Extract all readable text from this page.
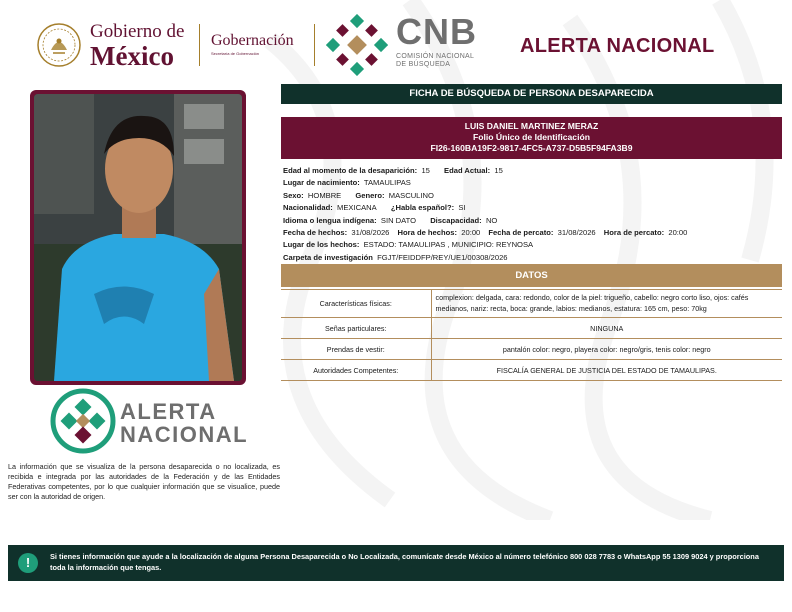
Gobierno de
México
Gobernación
Secretaría de Gobernación
CNB
COMISIÓN NACIONAL
DE BÚSQUEDA
ALERTA NACIONAL
ALERTA
NACIONAL
La información que se visualiza de la persona desaparecida o no localizada, es recibida e integrada por las autoridades de la Federación y de las Entidades Federativas competentes, por lo que cualquier información que se visualice, puede ser con la autoridad de origen.
FICHA DE BÚSQUEDA DE PERSONA DESAPARECIDA
LUIS DANIEL MARTINEZ MERAZ
Folio Único de Identificación
FI26-160BA19F2-9817-4FC5-A737-D5B5F94FA3B9
Edad al momento de la desaparición: 15 Edad Actual: 15
Lugar de nacimiento: TAMAULIPAS
Sexo: HOMBRE Genero: MASCULINO
Nacionalidad: MEXICANA ¿Habla español?: SI
Idioma o lengua indígena: SIN DATO Discapacidad: NO
Fecha de hechos: 31/08/2026 Hora de hechos: 20:00 Fecha de percato: 31/08/2026 Hora de percato: 20:00
Lugar de los hechos: ESTADO: TAMAULIPAS , MUNICIPIO: REYNOSA
Carpeta de investigación FGJT/FEIDDFP/REY/UE1/00308/2026
DATOS
Características físicas:	complexion: delgada, cara: redondo, color de la piel: trigueño, cabello: negro corto liso, ojos: cafés medianos, nariz: recta, boca: grande, labios: medianos, estatura: 165 cm, peso: 70kg
Señas particulares:	NINGUNA
Prendas de vestir:	pantalón color: negro, playera color: negro/gris, tenis color: negro
Autoridades Competentes:	FISCALÍA GENERAL DE JUSTICIA DEL ESTADO DE TAMAULIPAS.
!	Si tienes información que ayude a la localización de alguna Persona Desaparecida o No Localizada, comunícate desde México al número telefónico 800 028 7783 o WhatsApp 55 1309 9024 y proporciona toda la información que tengas.
